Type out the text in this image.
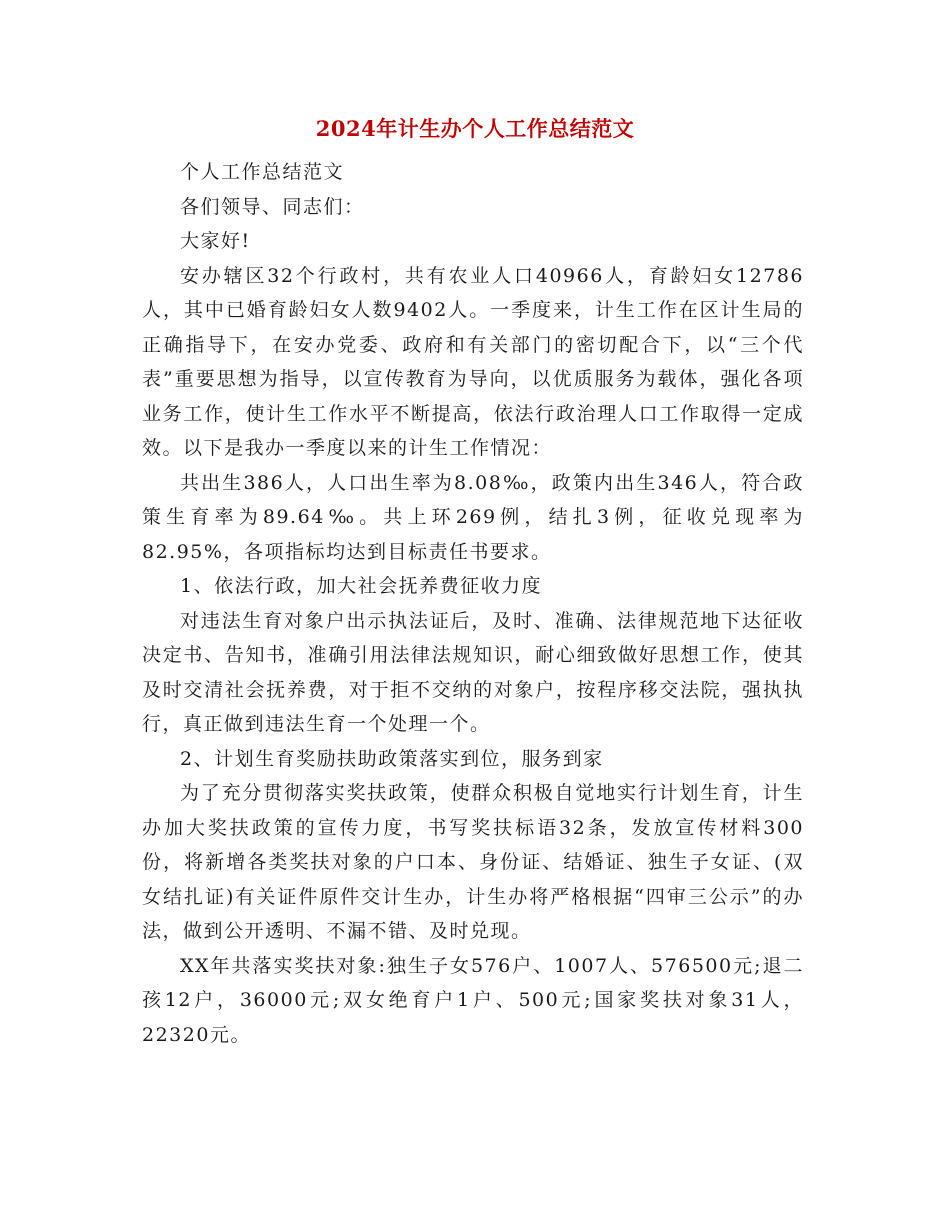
2024年计生办个人工作总结范文

个人工作总结范文

各们领导、同志们：

大家好!

安办辖区32个行政村，共有农业人口40966人，育龄妇女12786人，其中已婚育龄妇女人数9402人。一季度来，计生工作在区计生局的正确指导下，在安办党委、政府和有关部门的密切配合下，以“三个代表”重要思想为指导，以宣传教育为导向，以优质服务为载体，强化各项业务工作，使计生工作水平不断提高，依法行政治理人口工作取得一定成效。以下是我办一季度以来的计生工作情况：

共出生386人，人口出生率为8.08‰，政策内出生346人，符合政策生育率为89.64‰。共上环269例，结扎3例，征收兑现率为82.95%，各项指标均达到目标责任书要求。

1、依法行政，加大社会抚养费征收力度

对违法生育对象户出示执法证后，及时、准确、法律规范地下达征收决定书、告知书，准确引用法律法规知识，耐心细致做好思想工作，使其及时交清社会抚养费，对于拒不交纳的对象户，按程序移交法院，强执执行，真正做到违法生育一个处理一个。

2、计划生育奖励扶助政策落实到位，服务到家

为了充分贯彻落实奖扶政策，使群众积极自觉地实行计划生育，计生办加大奖扶政策的宣传力度，书写奖扶标语32条，发放宣传材料300份，将新增各类奖扶对象的户口本、身份证、结婚证、独生子女证、(双女结扎证)有关证件原件交计生办，计生办将严格根据“四审三公示”的办法，做到公开透明、不漏不错、及时兑现。

XX年共落实奖扶对象:独生子女576户、1007人、576500元;退二孩12户，36000元;双女绝育户1户、500元;国家奖扶对象31人，22320元。
